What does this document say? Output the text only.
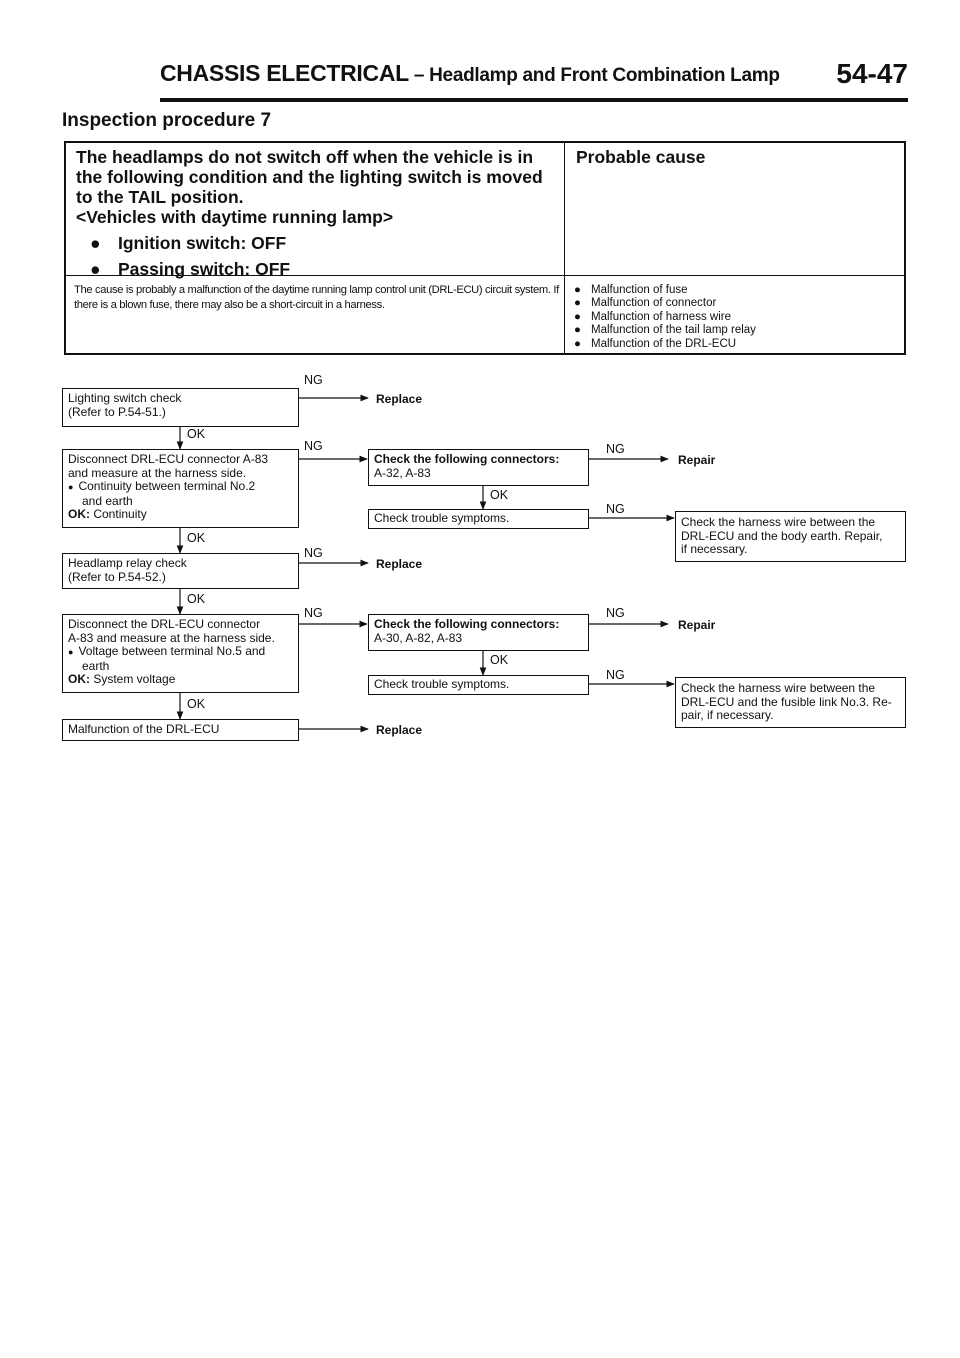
CHASSIS ELECTRICAL – Headlamp and Front Combination Lamp 54-47
Inspection procedure 7
The headlamps do not switch off when the vehicle is in the following condition and the lighting switch is moved to the TAIL position.
<Vehicles with daytime running lamp>
● Ignition switch: OFF
● Passing switch: OFF
Probable cause
The cause is probably a malfunction of the daytime running lamp control unit (DRL-ECU) circuit system. If there is a blown fuse, there may also be a short-circuit in a harness.
● Malfunction of fuse
● Malfunction of connector
● Malfunction of harness wire
● Malfunction of the tail lamp relay
● Malfunction of the DRL-ECU
Lighting switch check
(Refer to P.54-51.)
Disconnect DRL-ECU connector A-83
and measure at the harness side.
● Continuity between terminal No.2
and earth
OK: Continuity
Headlamp relay check
(Refer to P.54-52.)
Disconnect the DRL-ECU connector
A-83 and measure at the harness side.
● Voltage between terminal No.5 and
earth
OK: System voltage
Malfunction of the DRL-ECU
Check the following connectors:
A-32, A-83
Check trouble symptoms.	Check the harness wire between the
DRL-ECU and the body earth. Repair,
if necessary.
Check the following connectors:
A-30, A-82, A-83
Check trouble symptoms.	Check the harness wire between the
DRL-ECU and the fusible link No.3. Re-
pair, if necessary.
NG
NG
NG
NG
NG
NG
NG
NG
OK
OK
OK
OK
OK
OK
Replace
Replace
Replace
Repair
Repair
